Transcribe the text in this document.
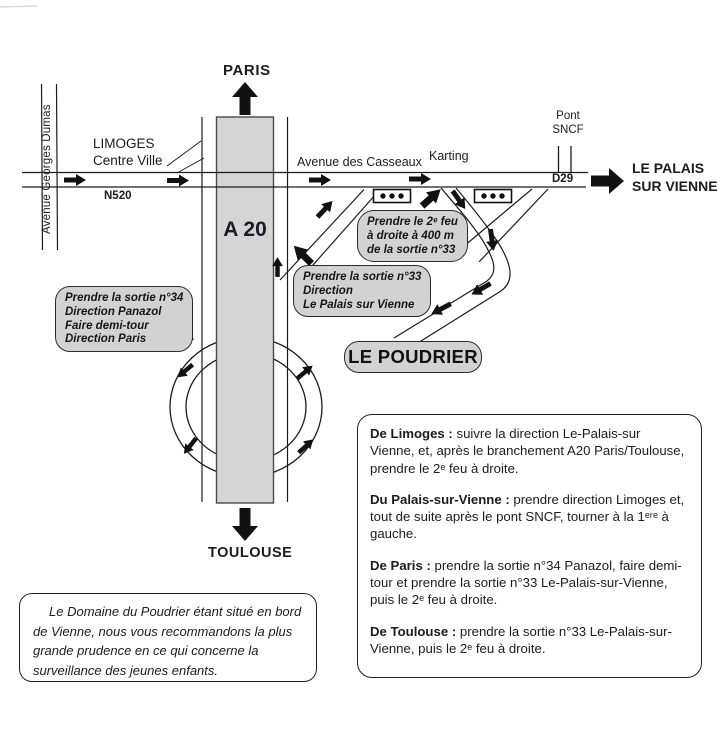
PARIS
A 20
TOULOUSE
LIMOGES
Centre Ville
Avenue Georges Dumas	N520
Avenue des Casseaux Karting
Pont
SNCF
D29
LE PALAIS
SUR VIENNE
Prendre le 2ᵉ feu
à droite à 400 m
de la sortie n°33
Prendre la sortie n°33
Direction
Le Palais sur Vienne
Prendre la sortie n°34
Direction Panazol
Faire demi-tour
Direction Paris
LE POUDRIER

Le Domaine du Poudrier étant situé en bord de Vienne, nous vous recommandons la plus grande prudence en ce qui concerne la surveillance des jeunes enfants.

De Limoges : suivre la direction Le-Palais-sur Vienne, et, après le branchement A20 Paris/Toulouse, prendre le 2ᵉ feu à droite.

Du Palais-sur-Vienne : prendre direction Limoges et, tout de suite après le pont SNCF, tourner à la 1ᵉʳᵉ à gauche.

De Paris : prendre la sortie n°34 Panazol, faire demi-tour et prendre la sortie n°33 Le-Palais-sur-Vienne, puis le 2ᵉ feu à droite.

De Toulouse : prendre la sortie n°33 Le-Palais-sur-Vienne, puis le 2ᵉ feu à droite.
